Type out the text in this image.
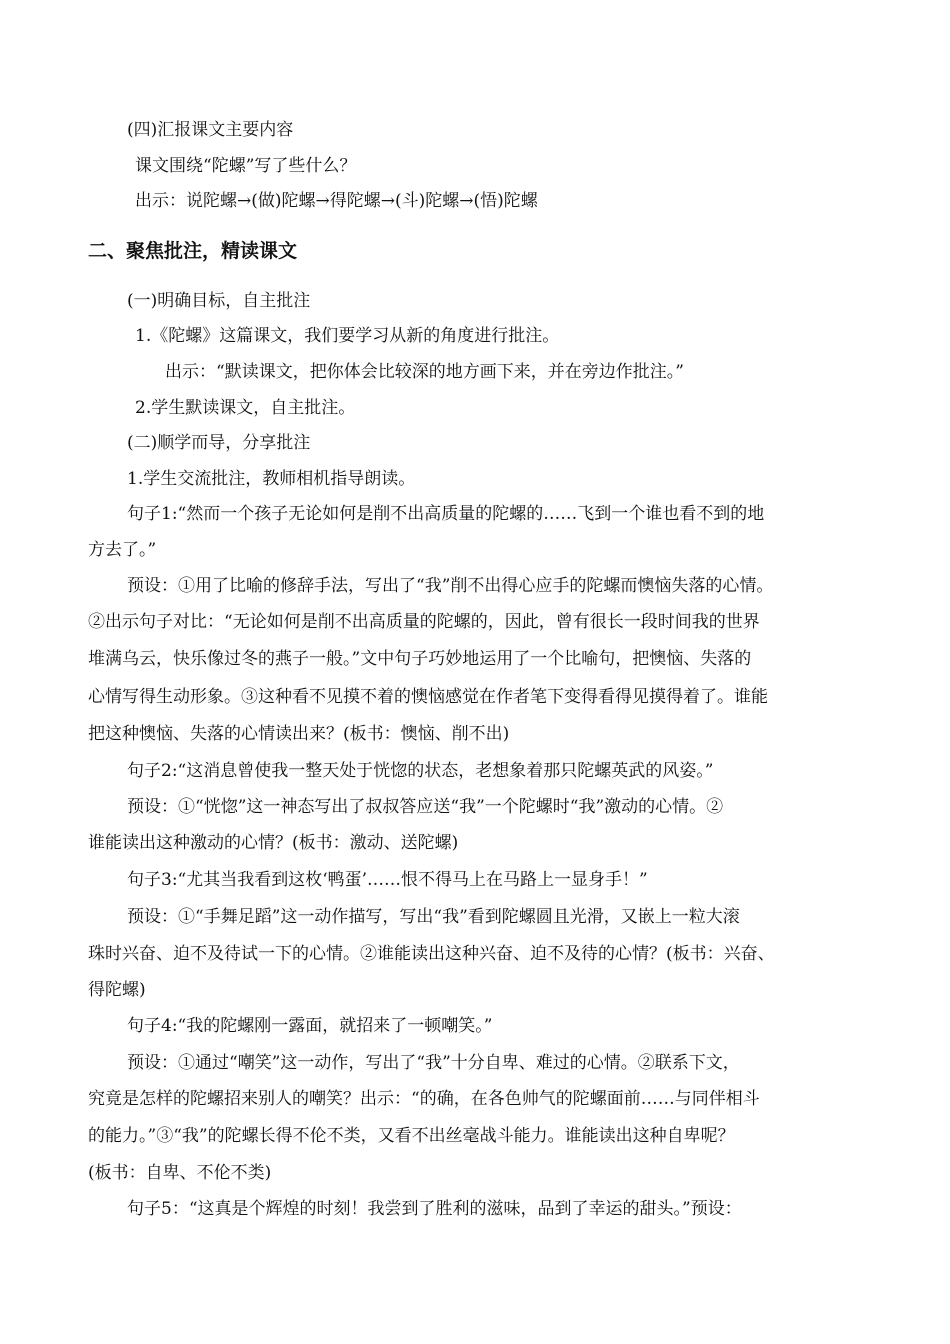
(四)汇报课文主要内容

课文围绕“陀螺”写了些什么？

出示：说陀螺→(做)陀螺→得陀螺→(斗)陀螺→(悟)陀螺

二、聚焦批注，精读课文

(一)明确目标，自主批注

1.《陀螺》这篇课文，我们要学习从新的角度进行批注。

出示：“默读课文，把你体会比较深的地方画下来，并在旁边作批注。”

2.学生默读课文，自主批注。

(二)顺学而导，分享批注

1.学生交流批注，教师相机指导朗读。

句子1:“然而一个孩子无论如何是削不出高质量的陀螺的……飞到一个谁也看不到的地

方去了。”

预设：①用了比喻的修辞手法，写出了“我”削不出得心应手的陀螺而懊恼失落的心情。

②出示句子对比：“无论如何是削不出高质量的陀螺的，因此，曾有很长一段时间我的世界

堆满乌云，快乐像过冬的燕子一般。”文中句子巧妙地运用了一个比喻句，把懊恼、失落的

心情写得生动形象。③这种看不见摸不着的懊恼感觉在作者笔下变得看得见摸得着了。谁能

把这种懊恼、失落的心情读出来？(板书：懊恼、削不出)

句子2:“这消息曾使我一整天处于恍惚的状态，老想象着那只陀螺英武的风姿。”

预设：①“恍惚”这一神态写出了叔叔答应送“我”一个陀螺时“我”激动的心情。②

谁能读出这种激动的心情？(板书：激动、送陀螺)

句子3:“尤其当我看到这枚‘鸭蛋’……恨不得马上在马路上一显身手！”

预设：①“手舞足蹈”这一动作描写，写出“我”看到陀螺圆且光滑，又嵌上一粒大滚

珠时兴奋、迫不及待试一下的心情。②谁能读出这种兴奋、迫不及待的心情？(板书：兴奋、

得陀螺)

句子4:“我的陀螺刚一露面，就招来了一顿嘲笑。”

预设：①通过“嘲笑”这一动作，写出了“我”十分自卑、难过的心情。②联系下文，

究竟是怎样的陀螺招来别人的嘲笑？出示：“的确，在各色帅气的陀螺面前……与同伴相斗

的能力。”③“我”的陀螺长得不伦不类，又看不出丝毫战斗能力。谁能读出这种自卑呢？

(板书：自卑、不伦不类)

句子5：“这真是个辉煌的时刻！我尝到了胜利的滋味，品到了幸运的甜头。”预设：
